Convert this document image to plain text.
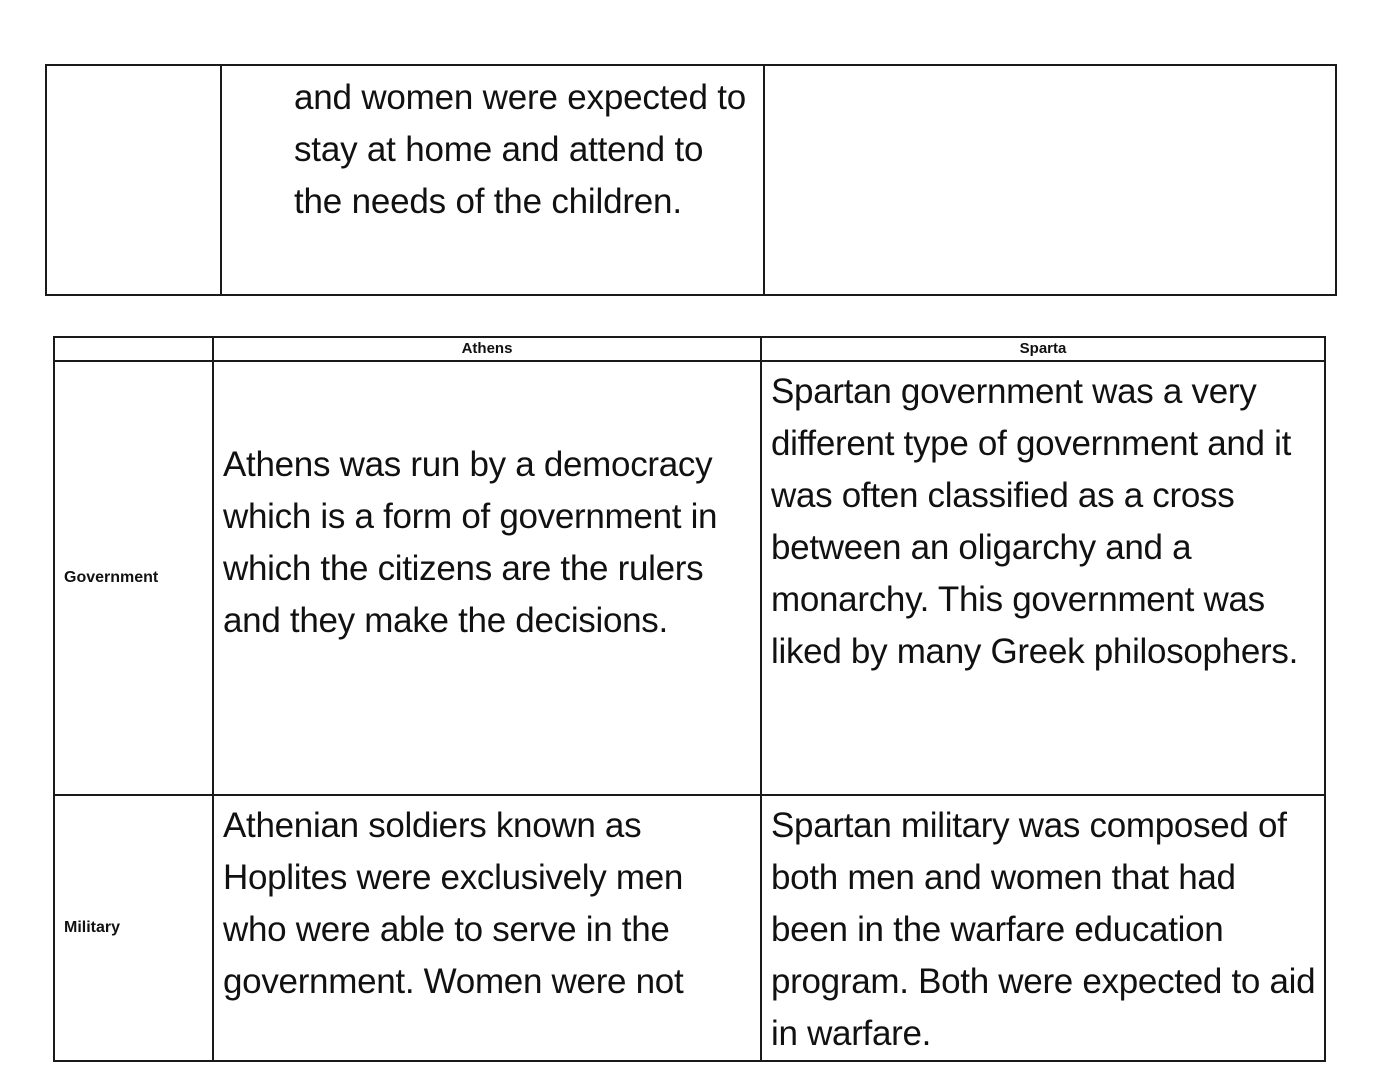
	and women were expected to stay at home and attend to the needs of the children.	
	Athens	Sparta
Government	Athens was run by a democracy which is a form of government in which the citizens are the rulers and they make the decisions.	Spartan government was a very different type of government and it was often classified as a cross between an oligarchy and a monarchy. This government was liked by many Greek philosophers.
Military	Athenian soldiers known as Hoplites were exclusively men who were able to serve in the government. Women were not	Spartan military was composed of both men and women that had been in the warfare education program. Both were expected to aid in warfare.
